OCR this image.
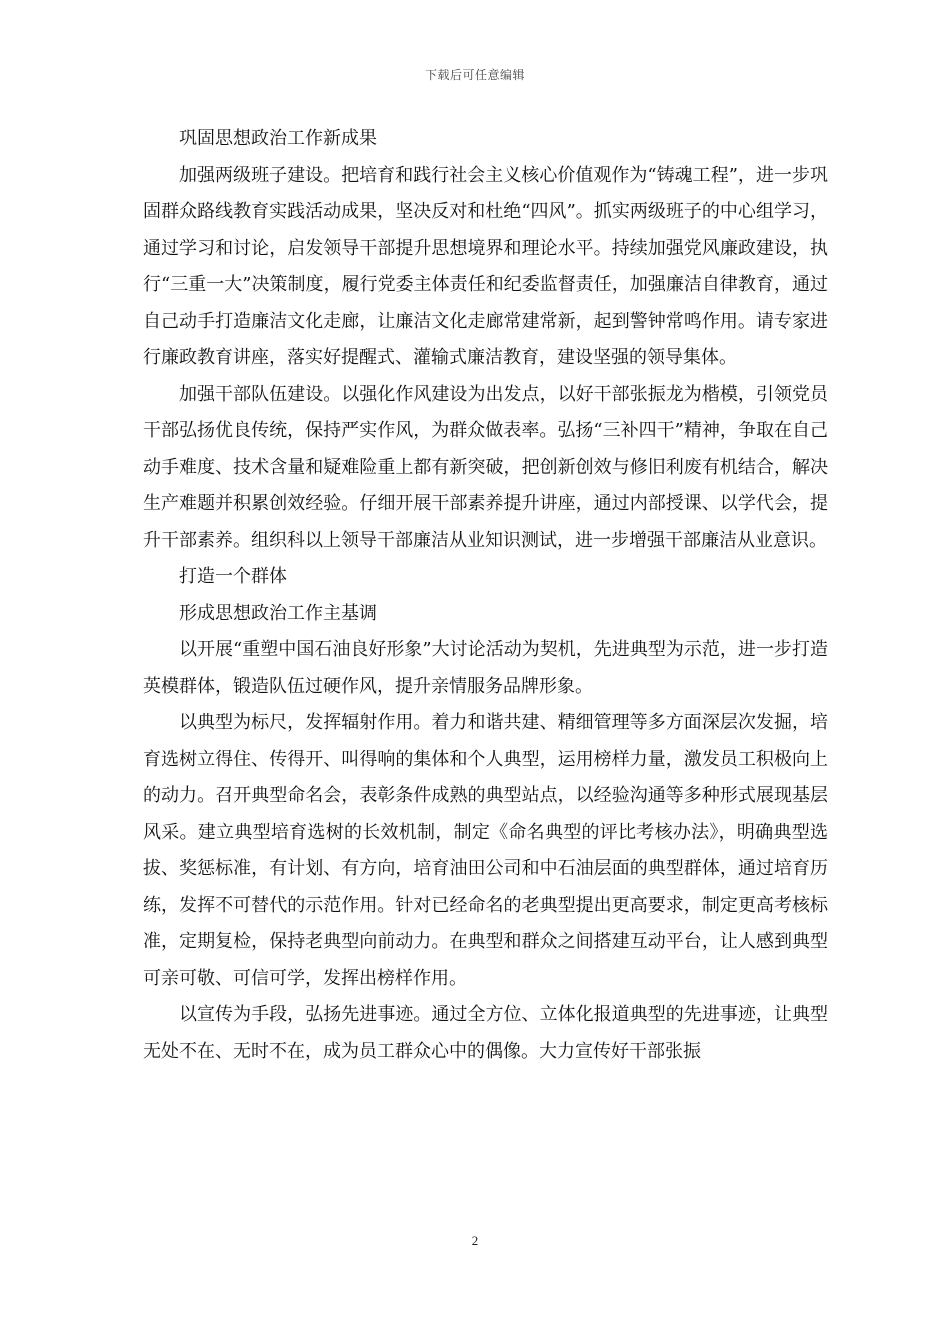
下载后可任意编辑

巩固思想政治工作新成果

加强两级班子建设。把培育和践行社会主义核心价值观作为“铸魂工程”，进一步巩固群众路线教育实践活动成果，坚决反对和杜绝“四风”。抓实两级班子的中心组学习，通过学习和讨论，启发领导干部提升思想境界和理论水平。持续加强党风廉政建设，执行“三重一大”决策制度，履行党委主体责任和纪委监督责任，加强廉洁自律教育，通过自己动手打造廉洁文化走廊，让廉洁文化走廊常建常新，起到警钟常鸣作用。请专家进行廉政教育讲座，落实好提醒式、灌输式廉洁教育，建设坚强的领导集体。

加强干部队伍建设。以强化作风建设为出发点，以好干部张振龙为楷模，引领党员干部弘扬优良传统，保持严实作风，为群众做表率。弘扬“三补四干”精神，争取在自己动手难度、技术含量和疑难险重上都有新突破，把创新创效与修旧利废有机结合，解决生产难题并积累创效经验。仔细开展干部素养提升讲座，通过内部授课、以学代会，提升干部素养。组织科以上领导干部廉洁从业知识测试，进一步增强干部廉洁从业意识。

打造一个群体

形成思想政治工作主基调

以开展“重塑中国石油良好形象”大讨论活动为契机，先进典型为示范，进一步打造英模群体，锻造队伍过硬作风，提升亲情服务品牌形象。

以典型为标尺，发挥辐射作用。着力和谐共建、精细管理等多方面深层次发掘，培育选树立得住、传得开、叫得响的集体和个人典型，运用榜样力量，激发员工积极向上的动力。召开典型命名会，表彰条件成熟的典型站点，以经验沟通等多种形式展现基层风采。建立典型培育选树的长效机制，制定《命名典型的评比考核办法》，明确典型选拔、奖惩标准，有计划、有方向，培育油田公司和中石油层面的典型群体，通过培育历练，发挥不可替代的示范作用。针对已经命名的老典型提出更高要求，制定更高考核标准，定期复检，保持老典型向前动力。在典型和群众之间搭建互动平台，让人感到典型可亲可敬、可信可学，发挥出榜样作用。

以宣传为手段，弘扬先进事迹。通过全方位、立体化报道典型的先进事迹，让典型无处不在、无时不在，成为员工群众心中的偶像。大力宣传好干部张振

2
